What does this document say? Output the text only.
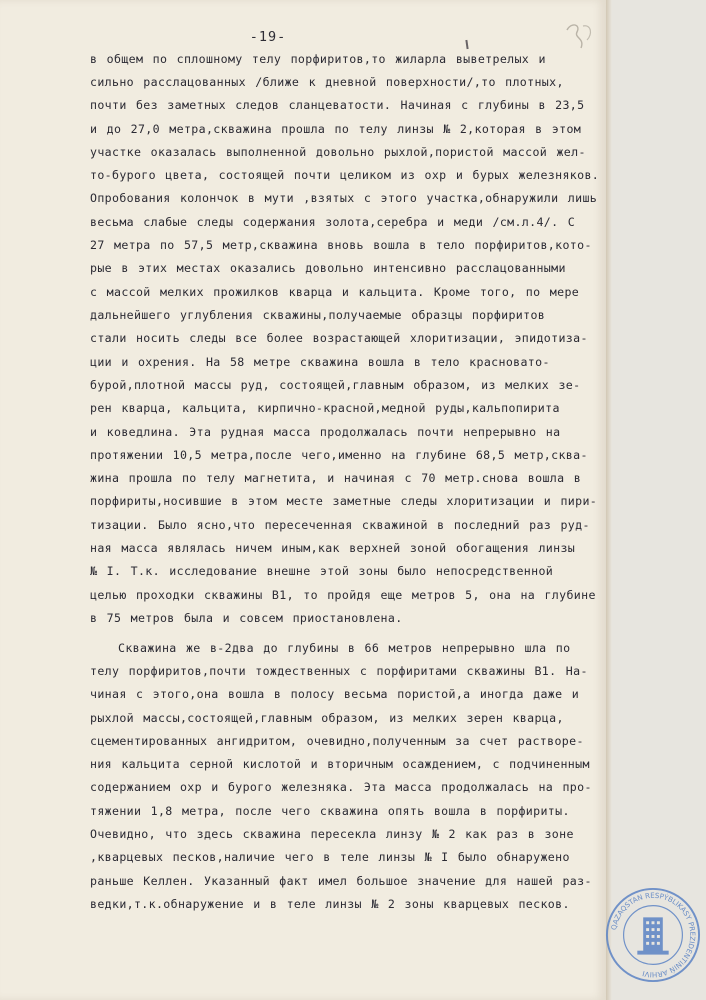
-19-
в общем по сплошному телу порфиритов,то жиларла выветрелых и
сильно расслацованных /ближе к дневной поверхности/,то плотных,
почти без заметных следов сланцеватости. Начиная с глубины в 23,5
и до 27,0 метра,скважина прошла по телу линзы № 2,которая в этом
участке оказалась выполненной довольно рыхлой,пористой массой жел-
то-бурого цвета, состоящей почти целиком из охр и бурых железняков.
Опробования колончок в мути ,взятых с этого участка,обнаружили лишь
весьма слабые следы содержания золота,серебра и меди /см.л.4/. С
27 метра по 57,5 метр,скважина вновь вошла в тело порфиритов,кото-
рые в этих местах оказались довольно интенсивно расслацованными
с массой мелких прожилков кварца и кальцита. Кроме того, по мере
дальнейшего углубления скважины,получаемые образцы порфиритов
стали носить следы все более возрастающей хлоритизации, эпидотиза-
ции и охрения. На 58 метре скважина вошла в тело красновато-
бурой,плотной массы руд, состоящей,главным образом, из мелких зе-
рен кварца, кальцита, кирпично-красной,медной руды,кальпопирита
и коведлина. Эта рудная масса продолжалась почти непрерывно на
протяжении 10,5 метра,после чего,именно на глубине 68,5 метр,сква-
жина прошла по телу магнетита, и начиная с 70 метр.снова вошла в
порфириты,носившие в этом месте заметные следы хлоритизации и пири-
тизации. Было ясно,что пересеченная скважиной в последний раз руд-
ная масса являлась ничем иным,как верхней зоной обогащения линзы
№ I. Т.к. исследование внешне этой зоны было непосредственной
целью проходки скважины В1, то пройдя еще метров 5, она на глубине
в 75 метров была и совсем приостановлена.
Скважина же в-2два до глубины в 66 метров непрерывно шла по
телу порфиритов,почти тождественных с порфиритами скважины В1. На-
чиная с этого,она вошла в полосу весьма пористой,а иногда даже и
рыхлой массы,состоящей,главным образом, из мелких зерен кварца,
сцементированных ангидритом, очевидно,полученным за счет растворе-
ния кальцита серной кислотой и вторичным осаждением, с подчиненным
содержанием охр и бурого железняка. Эта масса продолжалась на про-
тяжении 1,8 метра, после чего скважина опять вошла в порфириты.
Очевидно, что здесь скважина пересекла линзу № 2 как раз в зоне
,кварцевых песков,наличие чего в теле линзы № I было обнаружено
раньше Келлен. Указанный факт имел большое значение для нашей раз-
ведки,т.к.обнаружение и в теле линзы № 2 зоны кварцевых песков.
QAZAQSTAN RESPÝBLIKASY PREZIDENTINIŃ ARHIVI
